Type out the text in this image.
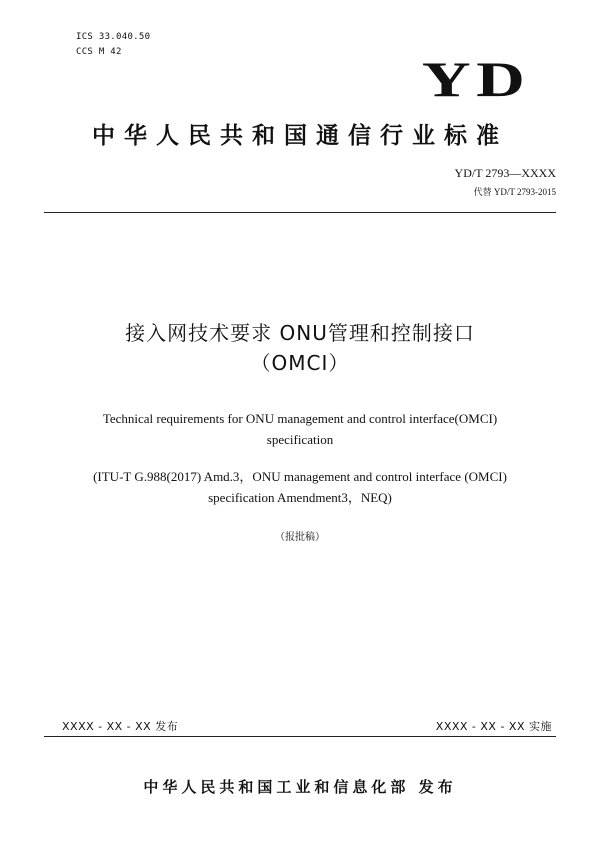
ICS 33.040.50
CCS M 42	YD
中华人民共和国通信行业标准
YD/T 2793—XXXX
代替 YD/T 2793-2015
接入网技术要求 ONU管理和控制接口
（OMCI）
Technical requirements for ONU management and control interface(OMCI)
specification
(ITU-T G.988(2017) Amd.3，ONU management and control interface (OMCI)
specification Amendment3，NEQ)
（报批稿）
XXXX - XX - XX 发布	XXXX - XX - XX 实施
中华人民共和国工业和信息化部 发布
